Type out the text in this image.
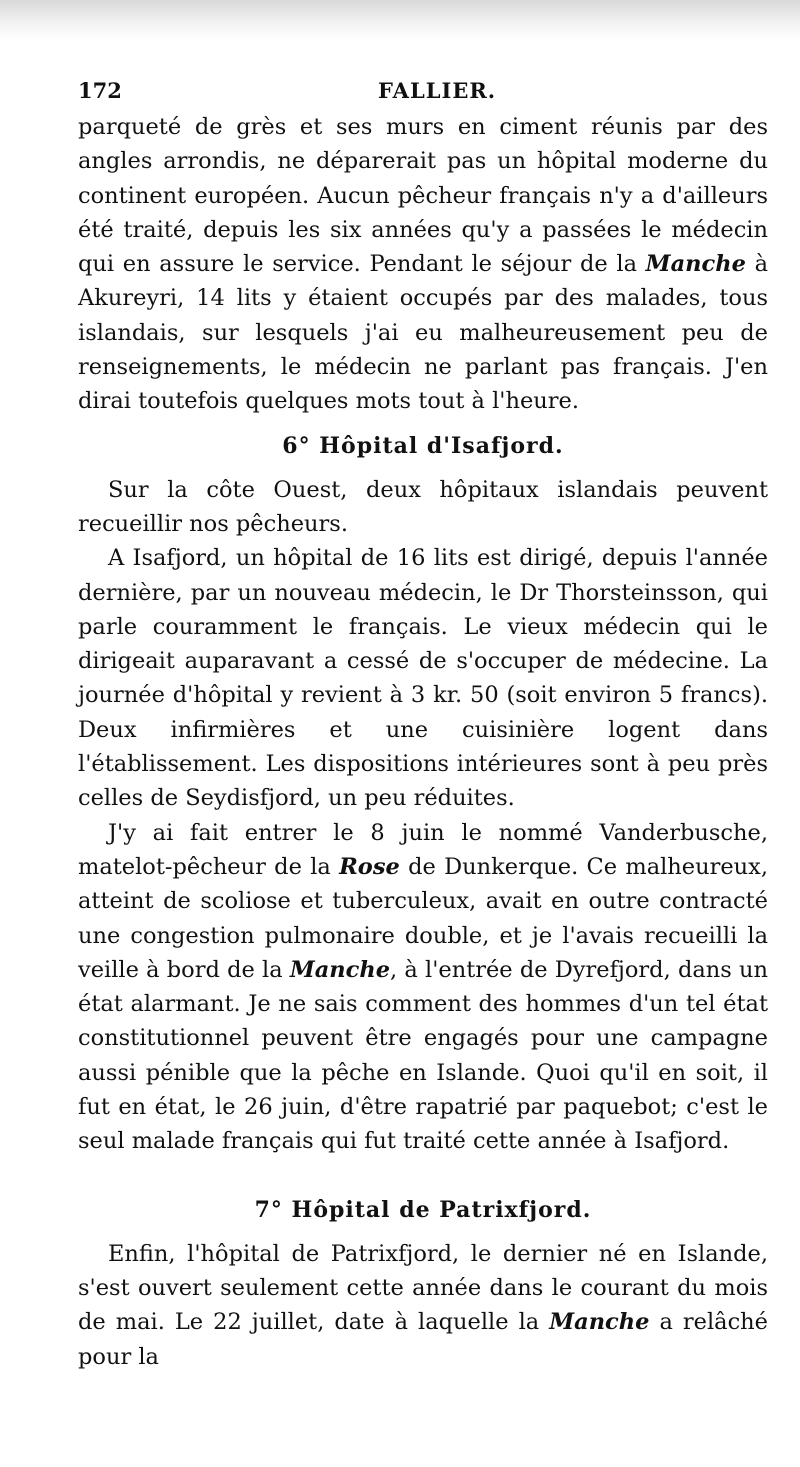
172	FALLIER.

parqueté de grès et ses murs en ciment réunis par des angles arrondis, ne déparerait pas un hôpital moderne du continent européen. Aucun pêcheur français n'y a d'ailleurs été traité, depuis les six années qu'y a passées le médecin qui en assure le service. Pendant le séjour de la Manche à Akureyri, 14 lits y étaient occupés par des malades, tous islandais, sur lesquels j'ai eu malheureusement peu de renseignements, le médecin ne parlant pas français. J'en dirai toutefois quelques mots tout à l'heure.

6° Hôpital d'Isafjord.

Sur la côte Ouest, deux hôpitaux islandais peuvent recueillir nos pêcheurs.

A Isafjord, un hôpital de 16 lits est dirigé, depuis l'année dernière, par un nouveau médecin, le Dr Thorsteinsson, qui parle couramment le français. Le vieux médecin qui le dirigeait auparavant a cessé de s'occuper de médecine. La journée d'hôpital y revient à 3 kr. 50 (soit environ 5 francs). Deux infirmières et une cuisinière logent dans l'établissement. Les dispositions intérieures sont à peu près celles de Seydisfjord, un peu réduites.

J'y ai fait entrer le 8 juin le nommé Vanderbusche, matelot-pêcheur de la Rose de Dunkerque. Ce malheureux, atteint de scoliose et tuberculeux, avait en outre contracté une congestion pulmonaire double, et je l'avais recueilli la veille à bord de la Manche, à l'entrée de Dyrefjord, dans un état alarmant. Je ne sais comment des hommes d'un tel état constitutionnel peuvent être engagés pour une campagne aussi pénible que la pêche en Islande. Quoi qu'il en soit, il fut en état, le 26 juin, d'être rapatrié par paquebot; c'est le seul malade français qui fut traité cette année à Isafjord.

7° Hôpital de Patrixfjord.

Enfin, l'hôpital de Patrixfjord, le dernier né en Islande, s'est ouvert seulement cette année dans le courant du mois de mai. Le 22 juillet, date à laquelle la Manche a relâché pour la
